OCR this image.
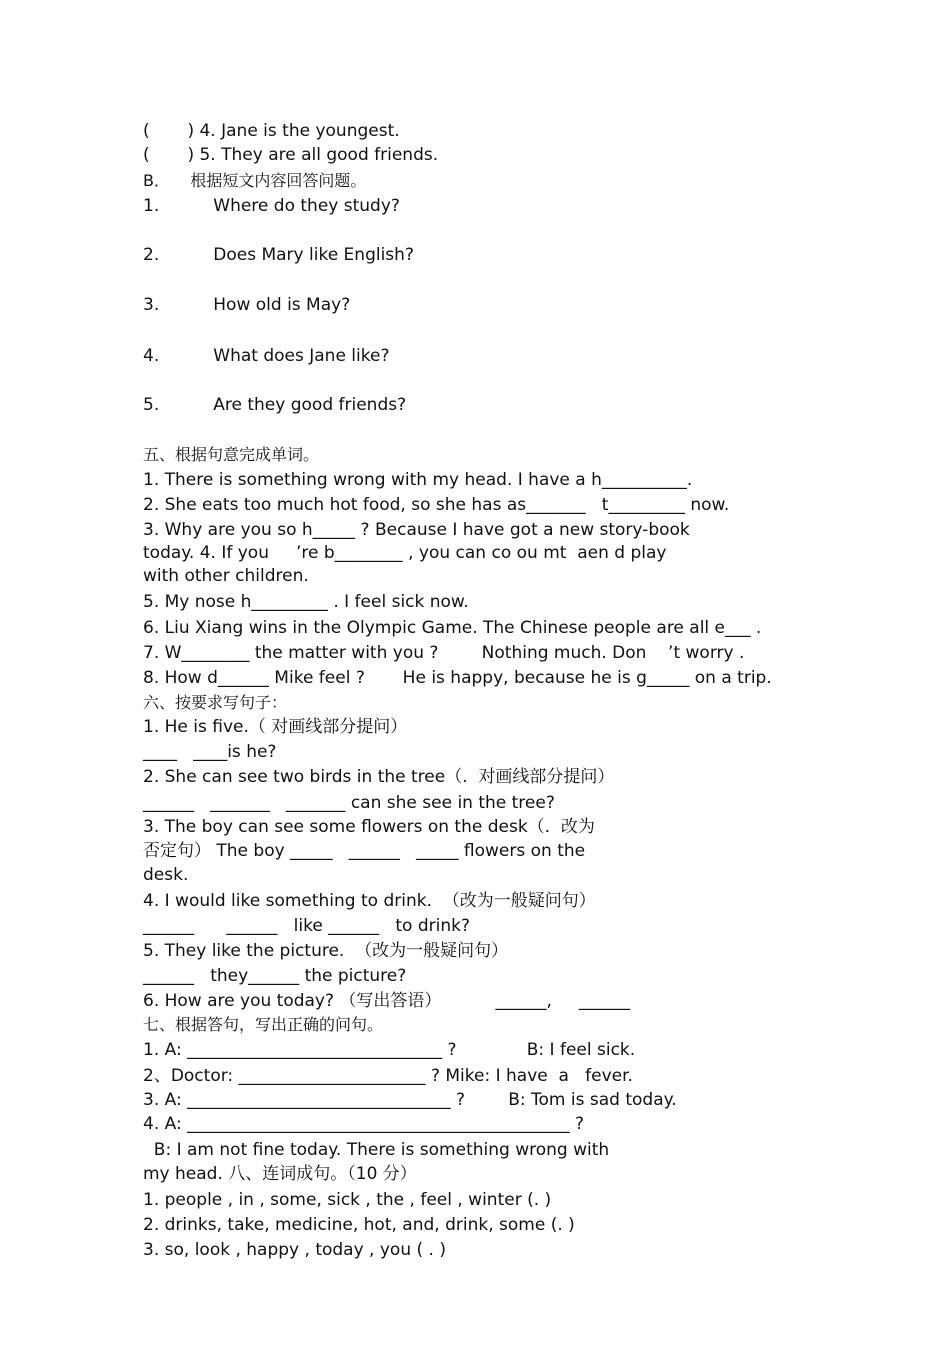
(       ) 4. Jane is the youngest.
(       ) 5. They are all good friends.
B．    根据短文内容回答问题。
1.          Where do they study?
2.          Does Mary like English?
3.          How old is May?
4.          What does Jane like?
5.          Are they good friends?
五、根据句意完成单词。
1. There is something wrong with my head. I have a h__________.
2. She eats too much hot food, so she has as_______   t_________ now.
3. Why are you so h_____ ? Because I have got a new story-book
today. 4. If you     ’re b________ , you can co ou mt  aen d play
with other children.
5. My nose h_________ . I feel sick now.
6. Liu Xiang wins in the Olympic Game. The Chinese people are all e___ .
7. W________ the matter with you ?        Nothing much. Don    ’t worry .
8. How d______ Mike feel ?       He is happy, because he is g_____ on a trip.
六、按要求写句子：
1. He is five.（ 对画线部分提问）
____   ____is he?
2. She can see two birds in the tree（.  对画线部分提问）
______   _______   _______ can she see in the tree?
3. The boy can see some flowers on the desk（.  改为
否定句） The boy _____   ______   _____ flowers on the
desk.
4. I would like something to drink.  （改为一般疑问句）
______      ______   like ______   to drink?
5. They like the picture.  （改为一般疑问句）
______   they______ the picture?
6. How are you today? （写出答语）          ______,     ______
七、根据答句，写出正确的问句。
1. A: ______________________________ ?             B: I feel sick.
2、Doctor: ______________________ ? Mike: I have  a   fever.
3. A: _______________________________ ?        B: Tom is sad today.
4. A: _____________________________________________ ?
B: I am not fine today. There is something wrong with
my head. 八、连词成句。（10 分）
1. people , in , some, sick , the , feel , winter (. )
2. drinks, take, medicine, hot, and, drink, some (. )
3. so, look , happy , today , you ( . )
